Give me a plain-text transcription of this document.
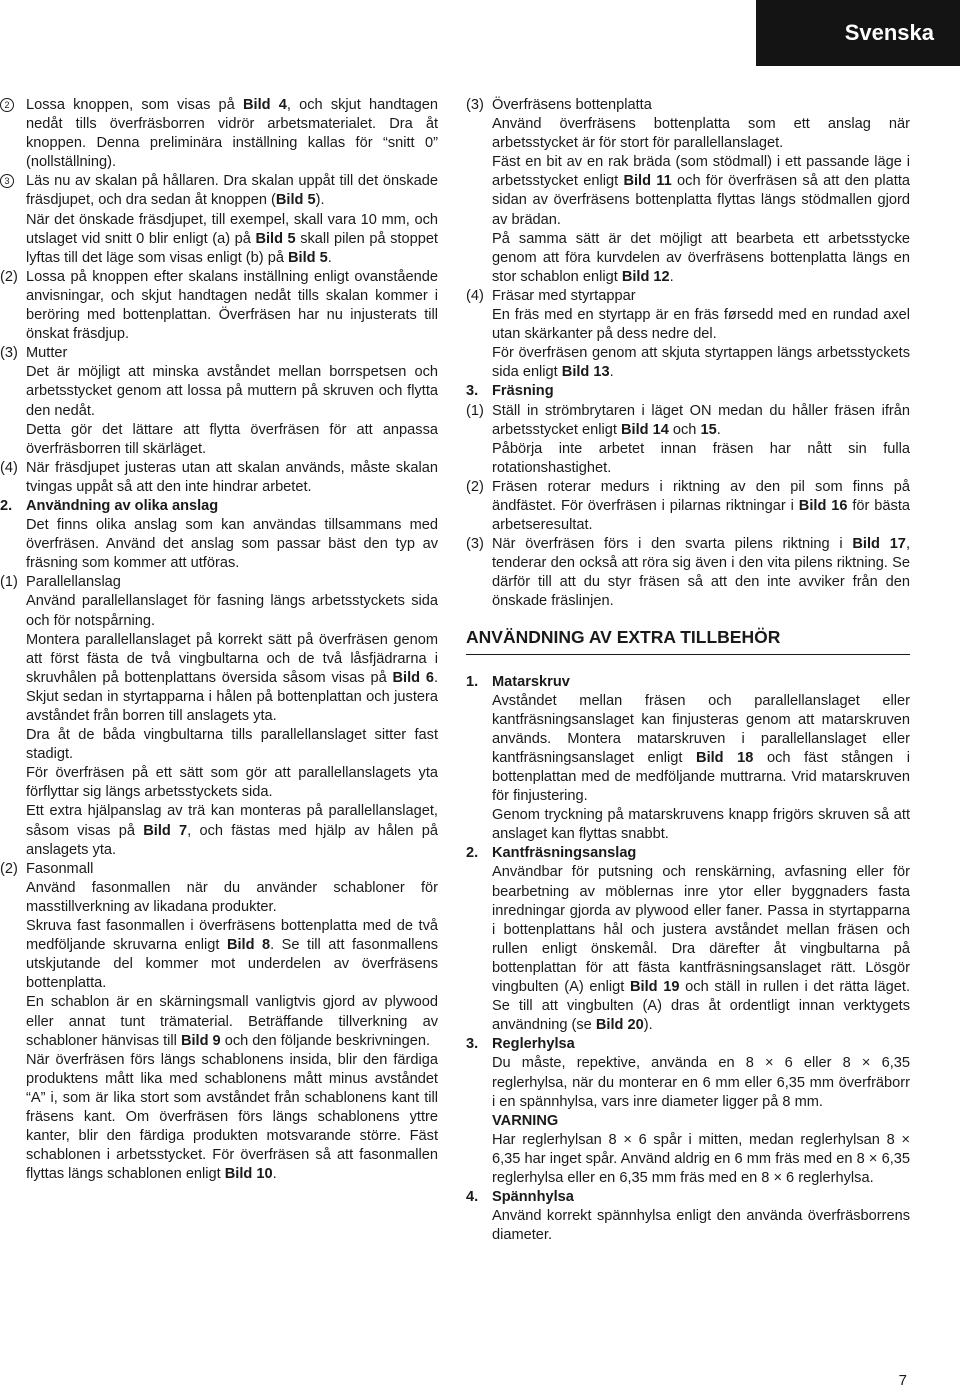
Svenska
2	Lossa knoppen, som visas på Bild 4, och skjut handtagen nedåt tills överfräsborren vidrör arbetsmaterialet. Dra åt knoppen. Denna preliminära inställning kallas för “snitt 0” (nollställning).
3	Läs nu av skalan på hållaren. Dra skalan uppåt till det önskade fräsdjupet, och dra sedan åt knoppen (Bild 5).
När det önskade fräsdjupet, till exempel, skall vara 10 mm, och utslaget vid snitt 0 blir enligt (a) på Bild 5 skall pilen på stoppet lyftas till det läge som visas enligt (b) på Bild 5.
(2) Lossa på knoppen efter skalans inställning enligt ovanstående anvisningar, och skjut handtagen nedåt tills skalan kommer i beröring med bottenplattan. Överfräsen har nu injusterats till önskat fräsdjup.
(3) Mutter
Det är möjligt att minska avståndet mellan borrspetsen och arbetsstycket genom att lossa på muttern på skruven och flytta den nedåt.
Detta gör det lättare att flytta överfräsen för att anpassa överfräsborren till skärläget.
(4) När fräsdjupet justeras utan att skalan används, måste skalan tvingas uppåt så att den inte hindrar arbetet.
2. Användning av olika anslag
Det finns olika anslag som kan användas tillsammans med överfräsen. Använd det anslag som passar bäst den typ av fräsning som kommer att utföras.
(1) Parallellanslag
Använd parallellanslaget för fasning längs arbetsstyckets sida och för notspårning.
Montera parallellanslaget på korrekt sätt på överfräsen genom att först fästa de två vingbultarna och de två låsfjädrarna i skruvhålen på bottenplattans översida såsom visas på Bild 6. Skjut sedan in styrtapparna i hålen på bottenplattan och justera avståndet från borren till anslagets yta.
Dra åt de båda vingbultarna tills parallellanslaget sitter fast stadigt.
För överfräsen på ett sätt som gör att parallellanslagets yta förflyttar sig längs arbetsstyckets sida.
Ett extra hjälpanslag av trä kan monteras på parallellanslaget, såsom visas på Bild 7, och fästas med hjälp av hålen på anslagets yta.
(2) Fasonmall
Använd fasonmallen när du använder schabloner för masstillverkning av likadana produkter.
Skruva fast fasonmallen i överfräsens bottenplatta med de två medföljande skruvarna enligt Bild 8. Se till att fasonmallens utskjutande del kommer mot underdelen av överfräsens bottenplatta.
En schablon är en skärningsmall vanligtvis gjord av plywood eller annat tunt trämaterial. Beträffande tillverkning av schabloner hänvisas till Bild 9 och den följande beskrivningen.
När överfräsen förs längs schablonens insida, blir den färdiga produktens mått lika med schablonens mått minus avståndet “A” i, som är lika stort som avståndet från schablonens kant till fräsens kant. Om överfräsen förs längs schablonens yttre kanter, blir den färdiga produkten motsvarande större. Fäst schablonen i arbetsstycket. För överfräsen så att fasonmallen flyttas längs schablonen enligt Bild 10.
(3) Överfräsens bottenplatta
Använd överfräsens bottenplatta som ett anslag när arbetsstycket är för stort för parallellanslaget.
Fäst en bit av en rak bräda (som stödmall) i ett passande läge i arbetsstycket enligt Bild 11 och för överfräsen så att den platta sidan av överfräsens bottenplatta flyttas längs stödmallen gjord av brädan.
På samma sätt är det möjligt att bearbeta ett arbetsstycke genom att föra kurvdelen av överfräsens bottenplatta längs en stor schablon enligt Bild 12.
(4) Fräsar med styrtappar
En fräs med en styrtapp är en fräs førsedd med en rundad axel utan skärkanter på dess nedre del.
För överfräsen genom att skjuta styrtappen längs arbetsstyckets sida enligt Bild 13.
3. Fräsning
(1) Ställ in strömbrytaren i läget ON medan du håller fräsen ifrån arbetsstycket enligt Bild 14 och 15.
Påbörja inte arbetet innan fräsen har nått sin fulla rotationshastighet.
(2) Fräsen roterar medurs i riktning av den pil som finns på ändfästet. För överfräsen i pilarnas riktningar i Bild 16 för bästa arbetseresultat.
(3) När överfräsen förs i den svarta pilens riktning i Bild 17, tenderar den också att röra sig även i den vita pilens riktning. Se därför till att du styr fräsen så att den inte avviker från den önskade fräslinjen.
ANVÄNDNING AV EXTRA TILLBEHÖR
1. Matarskruv
Avståndet mellan fräsen och parallellanslaget eller kantfräsningsanslaget kan finjusteras genom att matarskruven används. Montera matarskruven i parallellanslaget eller kantfräsningsanslaget enligt Bild 18 och fäst stången i bottenplattan med de medföljande muttrarna. Vrid matarskruven för finjustering.
Genom tryckning på matarskruvens knapp frigörs skruven så att anslaget kan flyttas snabbt.
2. Kantfräsningsanslag
Användbar för putsning och renskärning, avfasning eller för bearbetning av möblernas inre ytor eller byggnaders fasta inredningar gjorda av plywood eller faner. Passa in styrtapparna i bottenplattans hål och justera avståndet mellan fräsen och rullen enligt önskemål. Dra därefter åt vingbultarna på bottenplattan för att fästa kantfräsningsanslaget rätt. Lösgör vingbulten (A) enligt Bild 19 och ställ in rullen i det rätta läget. Se till att vingbulten (A) dras åt ordentligt innan verktygets användning (se Bild 20).
3. Reglerhylsa
Du måste, repektive, använda en 8 × 6 eller 8 × 6,35 reglerhylsa, när du monterar en 6 mm eller 6,35 mm överfräborr i en spännhylsa, vars inre diameter ligger på 8 mm.
VARNING
Har reglerhylsan 8 × 6 spår i mitten, medan reglerhylsan 8 × 6,35 har inget spår. Använd aldrig en 6 mm fräs med en 8 × 6,35 reglerhylsa eller en 6,35 mm fräs med en 8 × 6 reglerhylsa.
4. Spännhylsa
Använd korrekt spännhylsa enligt den använda överfräsborrens diameter.
7
